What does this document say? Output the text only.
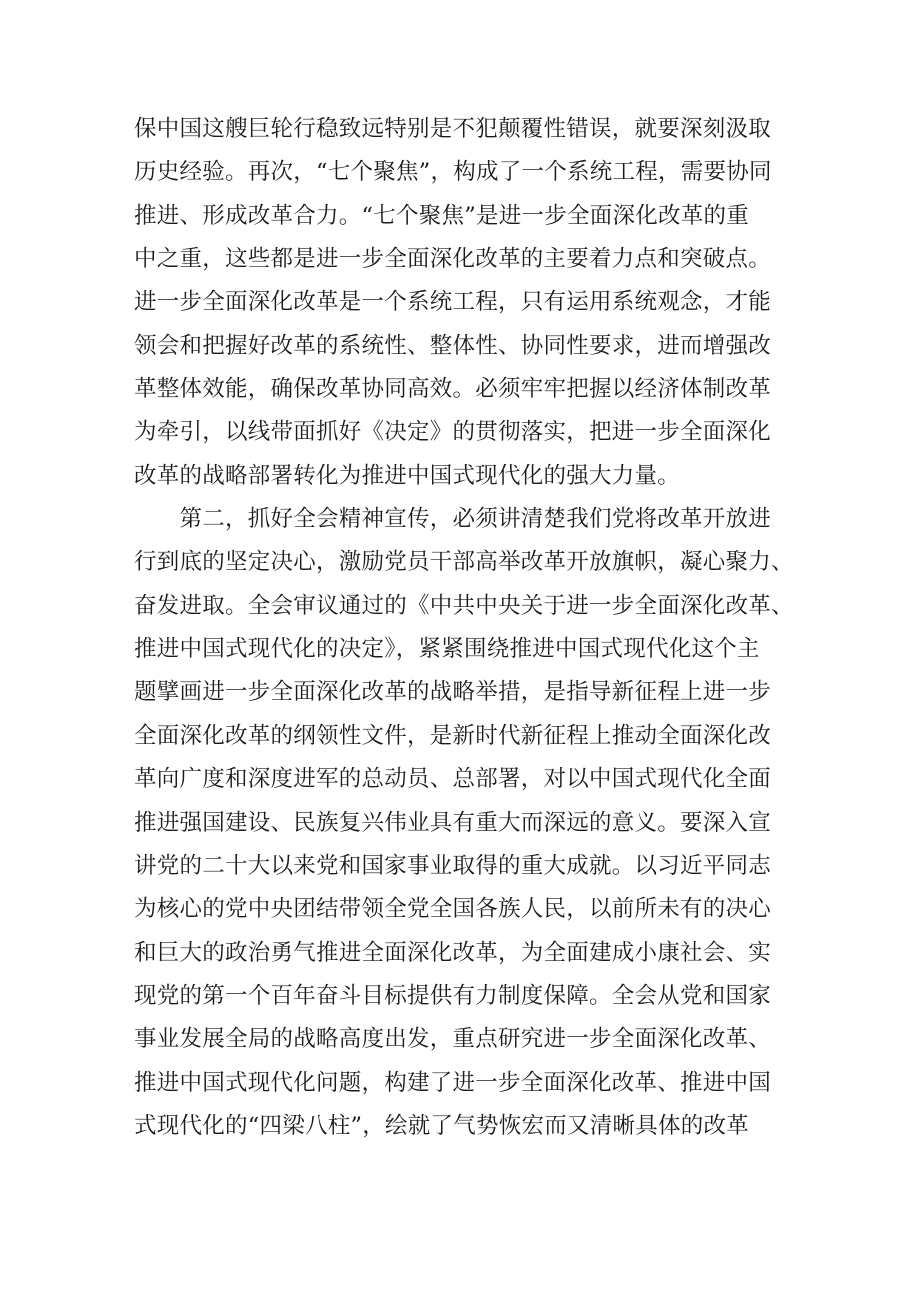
保中国这艘巨轮行稳致远特别是不犯颠覆性错误，就要深刻汲取
历史经验。再次，“七个聚焦”，构成了一个系统工程，需要协同
推进、形成改革合力。“七个聚焦”是进一步全面深化改革的重
中之重，这些都是进一步全面深化改革的主要着力点和突破点。
进一步全面深化改革是一个系统工程，只有运用系统观念，才能
领会和把握好改革的系统性、整体性、协同性要求，进而增强改
革整体效能，确保改革协同高效。必须牢牢把握以经济体制改革
为牵引，以线带面抓好《决定》的贯彻落实，把进一步全面深化
改革的战略部署转化为推进中国式现代化的强大力量。
　　第二，抓好全会精神宣传，必须讲清楚我们党将改革开放进
行到底的坚定决心，激励党员干部高举改革开放旗帜，凝心聚力、
奋发进取。全会审议通过的《中共中央关于进一步全面深化改革、
推进中国式现代化的决定》，紧紧围绕推进中国式现代化这个主
题擘画进一步全面深化改革的战略举措，是指导新征程上进一步
全面深化改革的纲领性文件，是新时代新征程上推动全面深化改
革向广度和深度进军的总动员、总部署，对以中国式现代化全面
推进强国建设、民族复兴伟业具有重大而深远的意义。要深入宣
讲党的二十大以来党和国家事业取得的重大成就。以习近平同志
为核心的党中央团结带领全党全国各族人民，以前所未有的决心
和巨大的政治勇气推进全面深化改革，为全面建成小康社会、实
现党的第一个百年奋斗目标提供有力制度保障。全会从党和国家
事业发展全局的战略高度出发，重点研究进一步全面深化改革、
推进中国式现代化问题，构建了进一步全面深化改革、推进中国
式现代化的“四梁八柱”，绘就了气势恢宏而又清晰具体的改革
